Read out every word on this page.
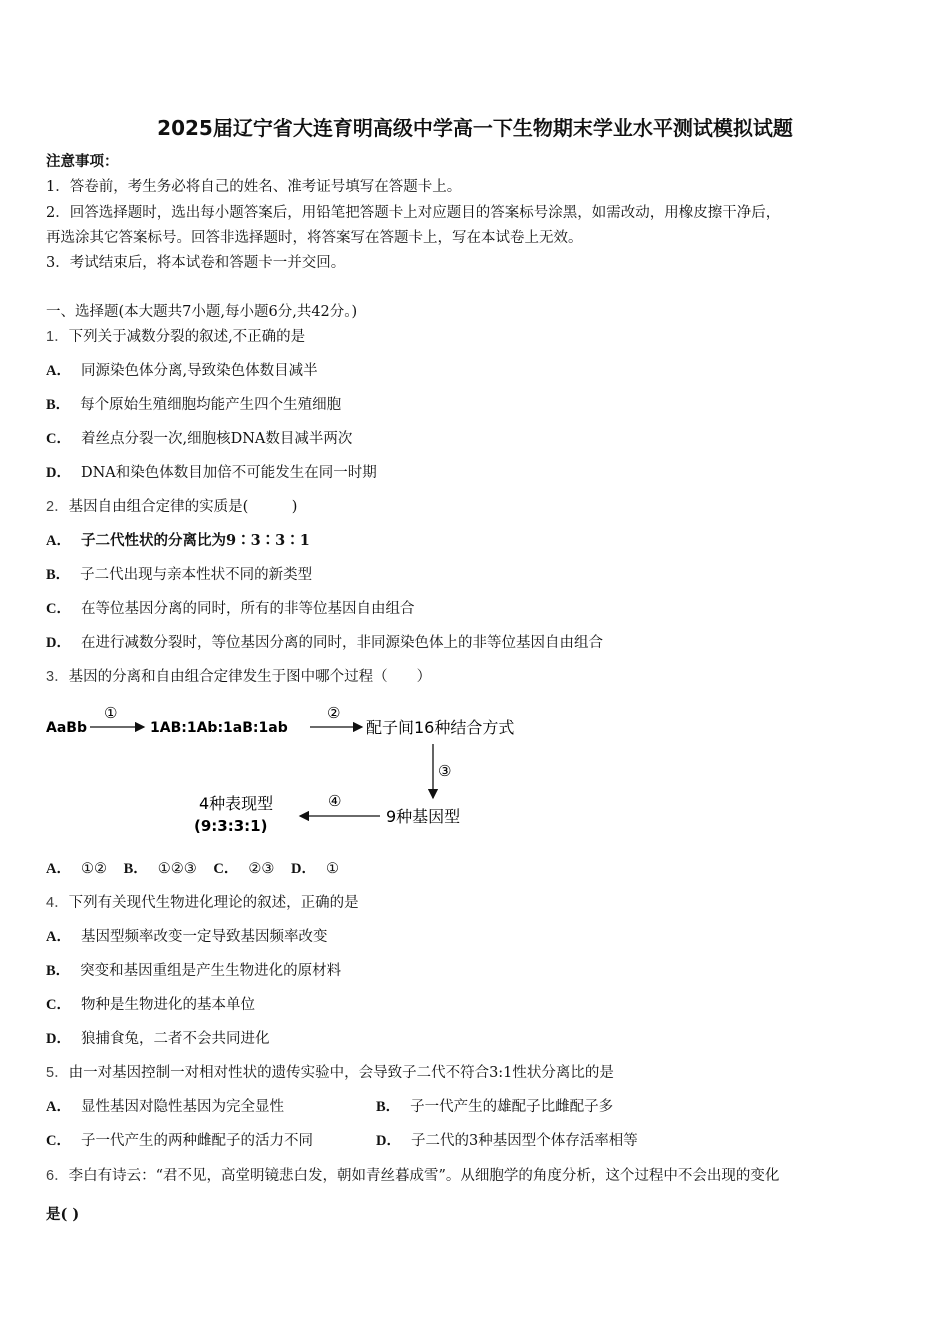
2025届辽宁省大连育明高级中学高一下生物期末学业水平测试模拟试题
注意事项：
1．答卷前，考生务必将自己的姓名、准考证号填写在答题卡上。
2．回答选择题时，选出每小题答案后，用铅笔把答题卡上对应题目的答案标号涂黑，如需改动，用橡皮擦干净后，
再选涂其它答案标号。回答非选择题时，将答案写在答题卡上，写在本试卷上无效。
3．考试结束后，将本试卷和答题卡一并交回。
一、选择题(本大题共7小题,每小题6分,共42分。)
1．下列关于减数分裂的叙述,不正确的是
A． 同源染色体分离,导致染色体数目减半
B． 每个原始生殖细胞均能产生四个生殖细胞
C． 着丝点分裂一次,细胞核DNA数目减半两次
D． DNA和染色体数目加倍不可能发生在同一时期
2．基因自由组合定律的实质是(　　　)
A． 子二代性状的分离比为9∶3∶3∶1
B． 子二代出现与亲本性状不同的新类型
C． 在等位基因分离的同时，所有的非等位基因自由组合
D． 在进行减数分裂时，等位基因分离的同时，非同源染色体上的非等位基因自由组合
3．基因的分离和自由组合定律发生于图中哪个过程（　　）
AaBb
①
1AB:1Ab:1aB:1ab
②
配子间16种结合方式
③
9种基因型
④
4种表现型
(9:3:3:1)
A． ①② B． ①②③ C． ②③ D． ①
4．下列有关现代生物进化理论的叙述，正确的是
A． 基因型频率改变一定导致基因频率改变
B． 突变和基因重组是产生生物进化的原材料
C． 物种是生物进化的基本单位
D． 狼捕食兔，二者不会共同进化
5．由一对基因控制一对相对性状的遗传实验中，会导致子二代不符合3:1性状分离比的是
A． 显性基因对隐性基因为完全显性	B． 子一代产生的雄配子比雌配子多
C． 子一代产生的两种雌配子的活力不同	D． 子二代的3种基因型个体存活率相等
6．李白有诗云：“君不见，高堂明镜悲白发，朝如青丝暮成雪”。从细胞学的角度分析，这个过程中不会出现的变化
是( )
